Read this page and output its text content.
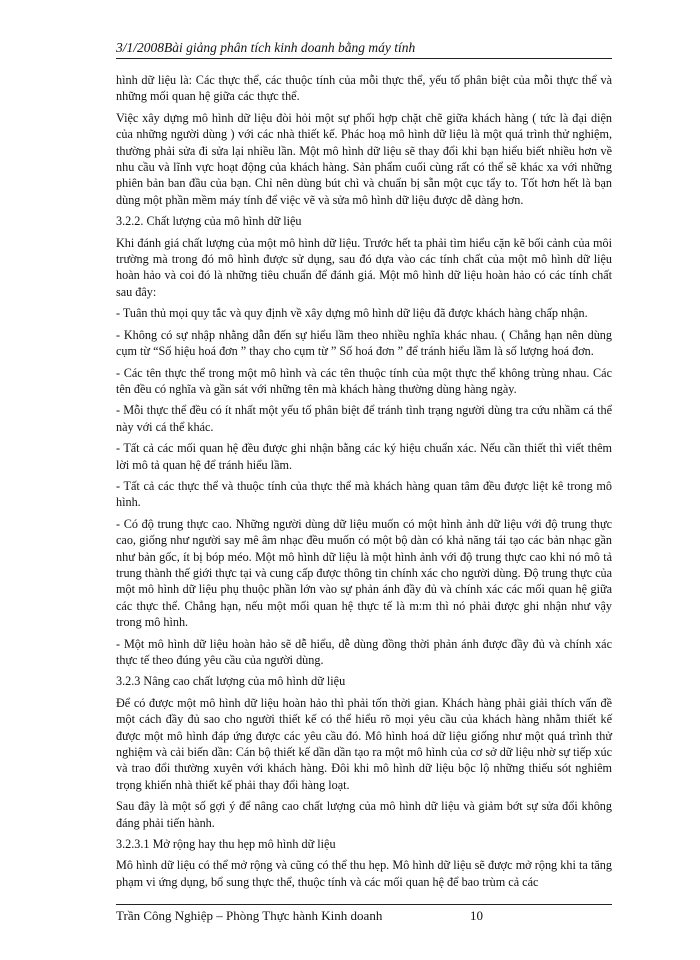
3/1/2008Bài giảng phân tích kinh doanh bằng máy tính

hình dữ liệu là: Các thực thể, các thuộc tính của mỗi thực thể, yếu tố phân biệt của mỗi thực thể và những mối quan hệ giữa các thực thể.

Việc xây dựng mô hình dữ liệu đòi hỏi một sự phối hợp chặt chẽ giữa khách hàng ( tức là đại diện của những người dùng ) với các nhà thiết kế. Phác hoạ mô hình dữ liệu là một quá trình thử nghiệm, thường phải sửa đi sửa lại nhiều lần. Một mô hình dữ liệu sẽ thay đổi khi bạn hiểu biết nhiều hơn về nhu cầu và lĩnh vực hoạt động của khách hàng. Sản phẩm cuối cùng rất có thể sẽ khác xa với những phiên bản ban đầu của bạn. Chỉ nên dùng bút chì và chuẩn bị sẵn một cục tẩy to. Tốt hơn hết là bạn dùng một phần mềm máy tính để việc vẽ và sửa mô hình dữ liệu được dễ dàng hơn.

3.2.2. Chất lượng của mô hình dữ liệu

Khi đánh giá chất lượng của một mô hình dữ liệu. Trước hết ta phải tìm hiểu cặn kẽ bối cảnh của môi trường mà trong đó mô hình được sử dụng, sau đó dựa vào các tính chất của một mô hình dữ liệu hoàn hảo và coi đó là những tiêu chuẩn để đánh giá. Một mô hình dữ liệu hoàn hảo có các tính chất sau đây:

- Tuân thủ mọi quy tắc và quy định về xây dựng mô hình dữ liệu đã được khách hàng chấp nhận.

- Không có sự nhập nhằng dẫn đến sự hiểu lầm theo nhiều nghĩa khác nhau. ( Chẳng hạn nên dùng cụm từ “Số hiệu hoá đơn ” thay cho cụm từ ” Số hoá đơn ” để tránh hiểu lầm là số lượng hoá đơn.

- Các tên thực thể trong một mô hình và các tên thuộc tính của một thực thể không trùng nhau. Các tên đều có nghĩa và gần sát với những tên mà khách hàng thường dùng hàng ngày.

- Mỗi thực thể đều có ít nhất một yếu tố phân biệt để tránh tình trạng người dùng tra cứu nhầm cá thể này với cá thể khác.

- Tất cả các mối quan hệ đều được ghi nhận bằng các ký hiệu chuẩn xác. Nếu cần thiết thì viết thêm lời mô tả quan hệ để tránh hiểu lầm.

- Tất cả các thực thể và thuộc tính của thực thể mà khách hàng quan tâm đều được liệt kê trong mô hình.

- Có độ trung thực cao. Những người dùng dữ liệu muốn có một hình ảnh dữ liệu với độ trung thực cao, giống như người say mê âm nhạc đều muốn có một bộ dàn có khả năng tái tạo các bản nhạc gần như bản gốc, ít bị bóp méo. Một mô hình dữ liệu là một hình ảnh với độ trung thực cao khi nó mô tả trung thành thế giới thực tại và cung cấp được thông tin chính xác cho người dùng. Độ trung thực của một mô hình dữ liệu phụ thuộc phần lớn vào sự phản ánh đầy đủ và chính xác các mối quan hệ giữa các thực thể. Chẳng hạn, nếu một mối quan hệ thực tế là m:m thì nó phải được ghi nhận như vậy trong mô hình.

- Một mô hình dữ liệu hoàn hảo sẽ dễ hiểu, dễ dùng đồng thời phản ánh được đầy đủ và chính xác thực tế theo đúng yêu cầu của người dùng.

3.2.3 Nâng cao chất lượng của mô hình dữ liệu

Để có được một mô hình dữ liệu hoàn hảo thì phải tốn thời gian. Khách hàng phải giải thích vấn đề một cách đầy đủ sao cho người thiết kế có thể hiểu rõ mọi yêu cầu của khách hàng nhằm thiết kế được một mô hình đáp ứng được các yêu cầu đó. Mô hình hoá dữ liệu giống như một quá trình thử nghiệm và cải biến dần: Cán bộ thiết kế dần dần tạo ra một mô hình của cơ sở dữ liệu nhờ sự tiếp xúc và trao đổi thường xuyên với khách hàng. Đôi khi mô hình dữ liệu bộc lộ những thiếu sót nghiêm trọng khiến nhà thiết kế phải thay đổi hàng loạt.

Sau đây là một số gợi ý để nâng cao chất lượng của mô hình dữ liệu và giảm bớt sự sửa đổi không đáng phải tiến hành.

3.2.3.1 Mở rộng hay thu hẹp mô hình dữ liệu

Mô hình dữ liệu có thể mở rộng và cũng có thể thu hẹp. Mô hình dữ liệu sẽ được mở rộng khi ta tăng phạm vi ứng dụng, bổ sung thực thể, thuộc tính và các mối quan hệ để bao trùm cả các

Trần Công Nghiệp – Phòng Thực hành Kinh doanh	10
